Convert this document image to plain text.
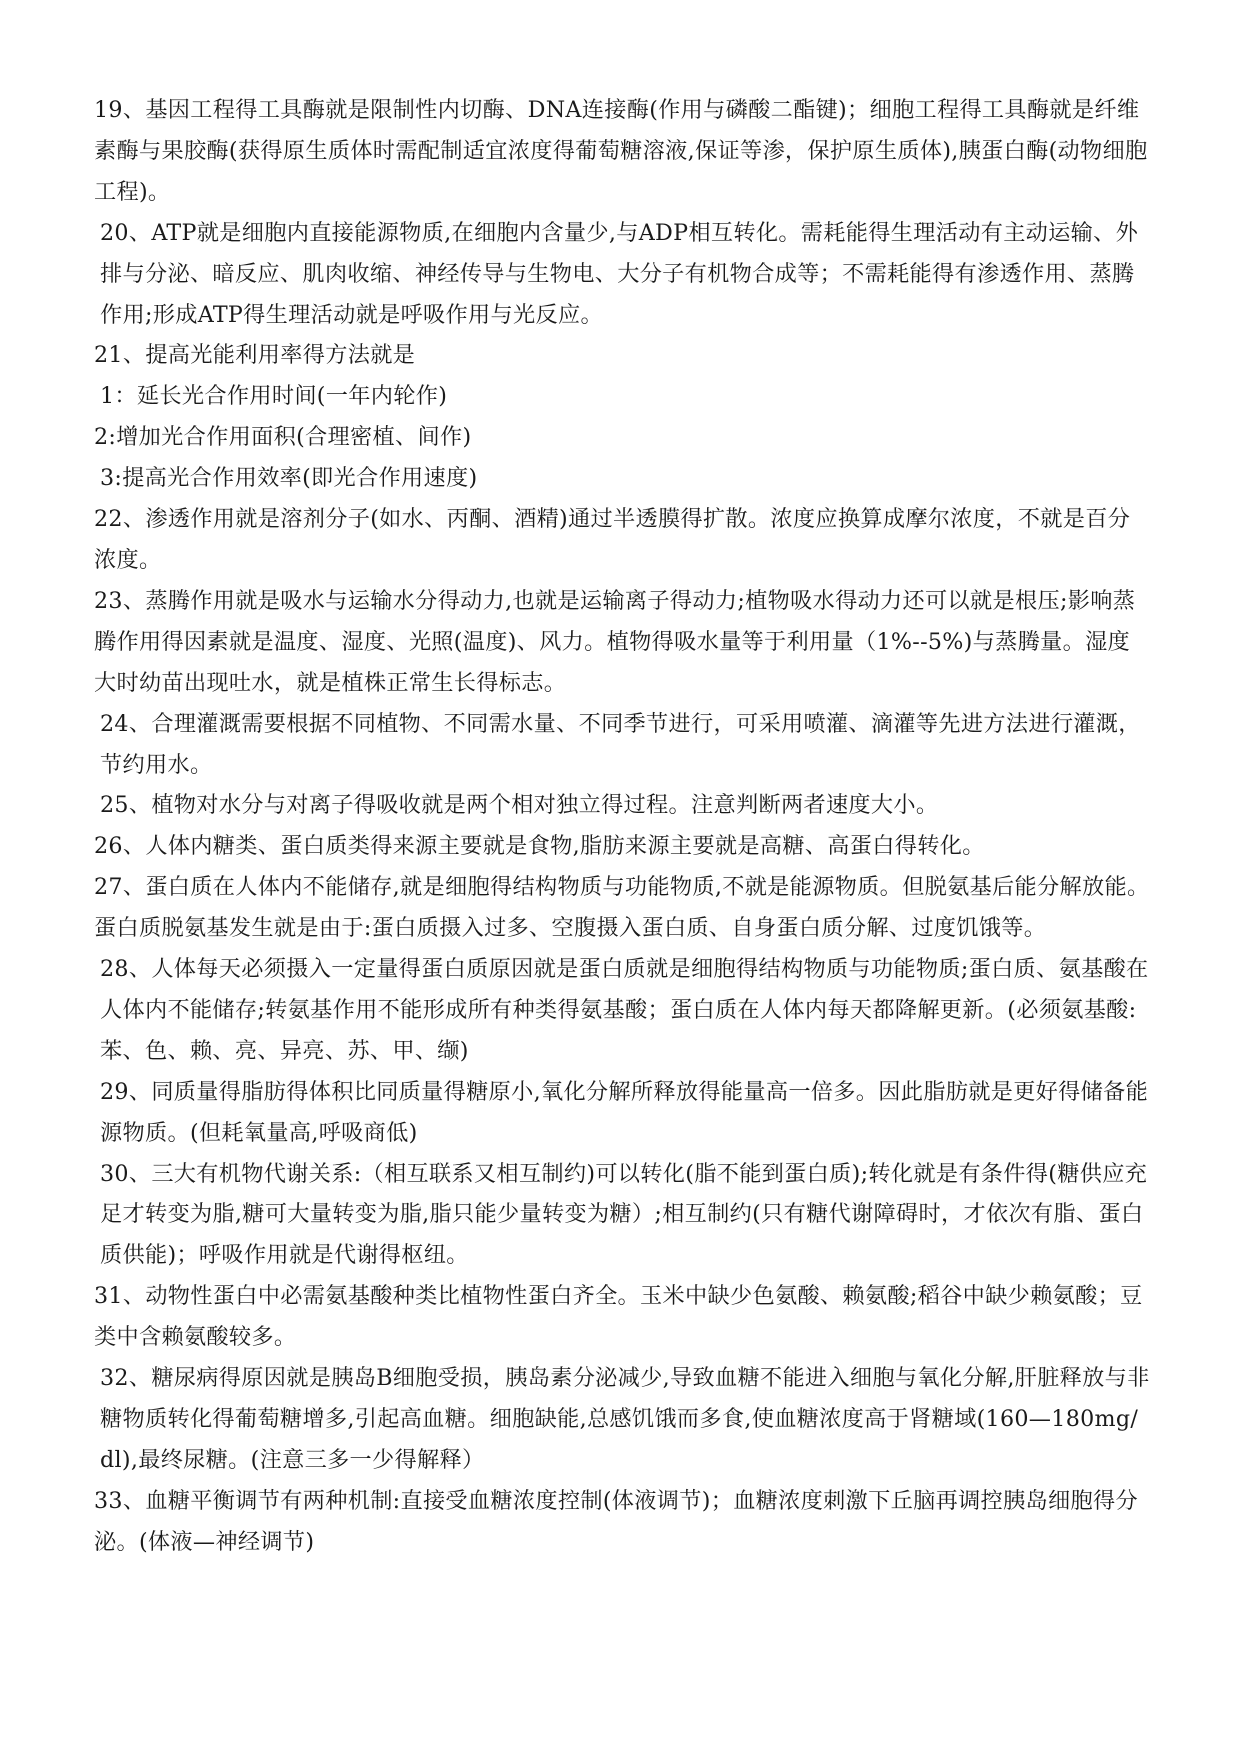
19、基因工程得工具酶就是限制性内切酶、DNA连接酶(作用与磷酸二酯键)；细胞工程得工具酶就是纤维素酶与果胶酶(获得原生质体时需配制适宜浓度得葡萄糖溶液,保证等渗，保护原生质体),胰蛋白酶(动物细胞工程)。

20、ATP就是细胞内直接能源物质,在细胞内含量少,与ADP相互转化。需耗能得生理活动有主动运输、外排与分泌、暗反应、肌肉收缩、神经传导与生物电、大分子有机物合成等；不需耗能得有渗透作用、蒸腾作用;形成ATP得生理活动就是呼吸作用与光反应。

21、提高光能利用率得方法就是

1：延长光合作用时间(一年内轮作)

2:增加光合作用面积(合理密植、间作)

3:提高光合作用效率(即光合作用速度)

22、渗透作用就是溶剂分子(如水、丙酮、酒精)通过半透膜得扩散。浓度应换算成摩尔浓度，不就是百分浓度。

23、蒸腾作用就是吸水与运输水分得动力,也就是运输离子得动力;植物吸水得动力还可以就是根压;影响蒸腾作用得因素就是温度、湿度、光照(温度)、风力。植物得吸水量等于利用量（1%--5%)与蒸腾量。湿度大时幼苗出现吐水，就是植株正常生长得标志。

24、合理灌溉需要根据不同植物、不同需水量、不同季节进行，可采用喷灌、滴灌等先进方法进行灌溉，节约用水。

25、植物对水分与对离子得吸收就是两个相对独立得过程。注意判断两者速度大小。

26、人体内糖类、蛋白质类得来源主要就是食物,脂肪来源主要就是高糖、高蛋白得转化。

27、蛋白质在人体内不能储存,就是细胞得结构物质与功能物质,不就是能源物质。但脱氨基后能分解放能。蛋白质脱氨基发生就是由于:蛋白质摄入过多、空腹摄入蛋白质、自身蛋白质分解、过度饥饿等。

28、人体每天必须摄入一定量得蛋白质原因就是蛋白质就是细胞得结构物质与功能物质;蛋白质、氨基酸在人体内不能储存;转氨基作用不能形成所有种类得氨基酸；蛋白质在人体内每天都降解更新。(必须氨基酸:苯、色、赖、亮、异亮、苏、甲、缬)

29、同质量得脂肪得体积比同质量得糖原小,氧化分解所释放得能量高一倍多。因此脂肪就是更好得储备能源物质。(但耗氧量高,呼吸商低)

30、三大有机物代谢关系:（相互联系又相互制约)可以转化(脂不能到蛋白质);转化就是有条件得(糖供应充足才转变为脂,糖可大量转变为脂,脂只能少量转变为糖）;相互制约(只有糖代谢障碍时，才依次有脂、蛋白质供能)；呼吸作用就是代谢得枢纽。

31、动物性蛋白中必需氨基酸种类比植物性蛋白齐全。玉米中缺少色氨酸、赖氨酸;稻谷中缺少赖氨酸；豆类中含赖氨酸较多。

32、糖尿病得原因就是胰岛B细胞受损，胰岛素分泌减少,导致血糖不能进入细胞与氧化分解,肝脏释放与非糖物质转化得葡萄糖增多,引起高血糖。细胞缺能,总感饥饿而多食,使血糖浓度高于肾糖域(160—180mg/dl),最终尿糖。(注意三多一少得解释）

33、血糖平衡调节有两种机制:直接受血糖浓度控制(体液调节)；血糖浓度刺激下丘脑再调控胰岛细胞得分泌。(体液—神经调节)
